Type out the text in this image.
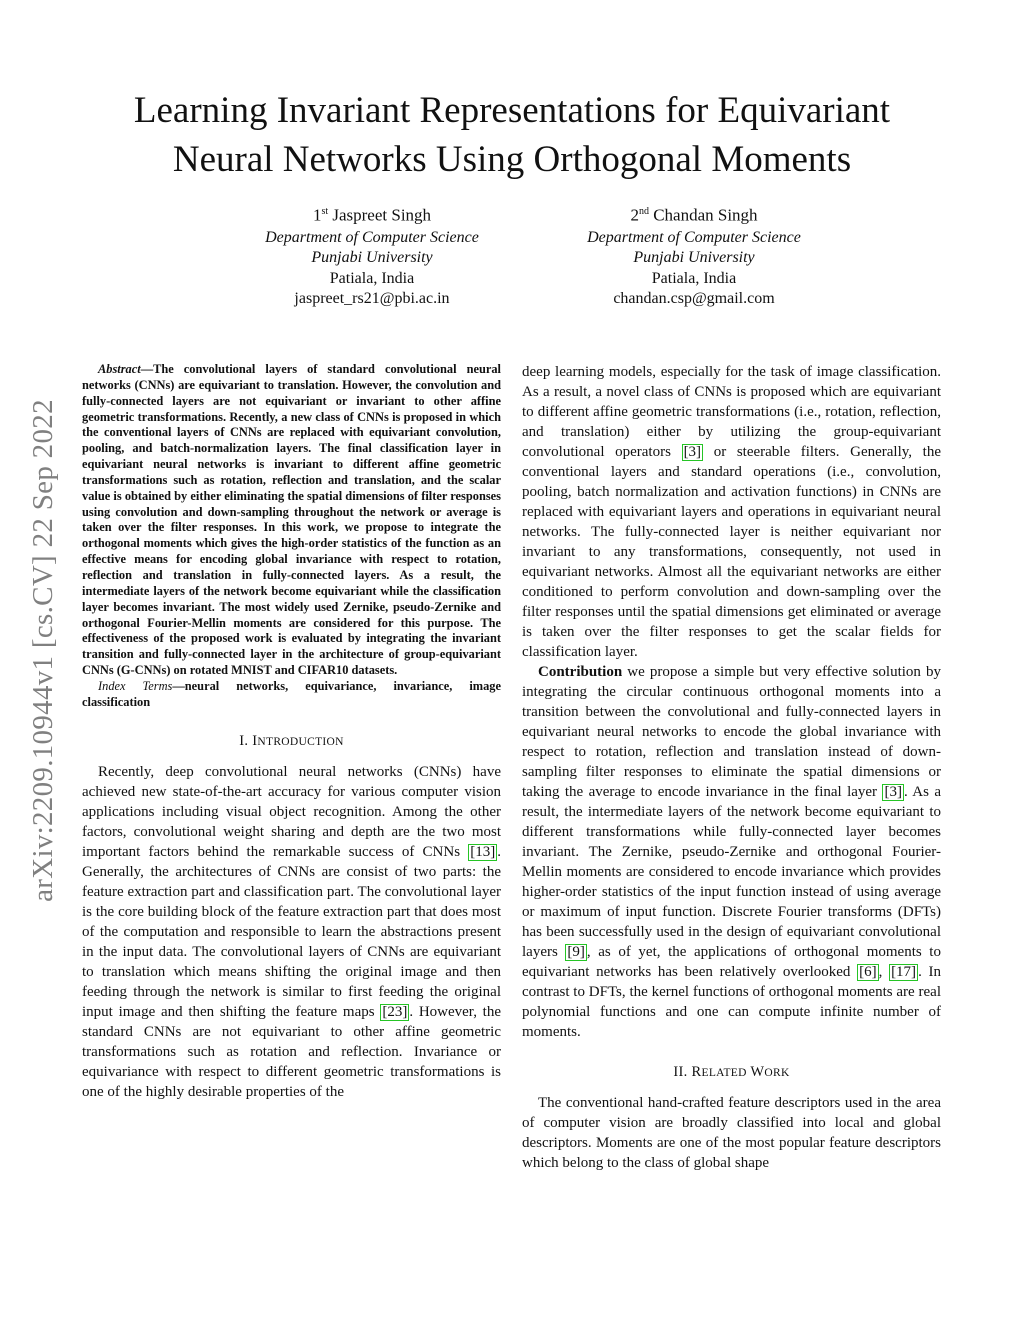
arXiv:2209.10944v1 [cs.CV] 22 Sep 2022
Learning Invariant Representations for Equivariant
Neural Networks Using Orthogonal Moments
1st Jaspreet Singh
Department of Computer Science
Punjabi University
Patiala, India
jaspreet_rs21@pbi.ac.in
2nd Chandan Singh
Department of Computer Science
Punjabi University
Patiala, India
chandan.csp@gmail.com

Abstract—The convolutional layers of standard convolutional neural networks (CNNs) are equivariant to translation. However, the convolution and fully-connected layers are not equivariant or invariant to other affine geometric transformations. Recently, a new class of CNNs is proposed in which the conventional layers of CNNs are replaced with equivariant convolution, pooling, and batch-normalization layers. The final classification layer in equivariant neural networks is invariant to different affine geometric transformations such as rotation, reflection and translation, and the scalar value is obtained by either eliminating the spatial dimensions of filter responses using convolution and down-sampling throughout the network or average is taken over the filter responses. In this work, we propose to integrate the orthogonal moments which gives the high-order statistics of the function as an effective means for encoding global invariance with respect to rotation, reflection and translation in fully-connected layers. As a result, the intermediate layers of the network become equivariant while the classification layer becomes invariant. The most widely used Zernike, pseudo-Zernike and orthogonal Fourier-Mellin moments are considered for this purpose. The effectiveness of the proposed work is evaluated by integrating the invariant transition and fully-connected layer in the architecture of group-equivariant CNNs (G-CNNs) on rotated MNIST and CIFAR10 datasets.

Index Terms—neural networks, equivariance, invariance, image classification

I. INTRODUCTION

Recently, deep convolutional neural networks (CNNs) have achieved new state-of-the-art accuracy for various computer vision applications including visual object recognition. Among the other factors, convolutional weight sharing and depth are the two most important factors behind the remarkable success of CNNs [13] . Generally, the architectures of CNNs are consist of two parts: the feature extraction part and classification part. The convolutional layer is the core building block of the feature extraction part that does most of the computation and responsible to learn the abstractions present in the input data. The convolutional layers of CNNs are equivariant to translation which means shifting the original image and then feeding through the network is similar to first feeding the original input image and then shifting the feature maps [23] . However, the standard CNNs are not equivariant to other affine geometric transformations such as rotation and reflection. Invariance or equivariance with respect to different geometric transformations is one of the highly desirable properties of the

deep learning models, especially for the task of image classification. As a result, a novel class of CNNs is proposed which are equivariant to different affine geometric transformations (i.e., rotation, reflection, and translation) either by utilizing the group-equivariant convolutional operators [3] or steerable filters. Generally, the conventional layers and standard operations (i.e., convolution, pooling, batch normalization and activation functions) in CNNs are replaced with equivariant layers and operations in equivariant neural networks. The fully-connected layer is neither equivariant nor invariant to any transformations, consequently, not used in equivariant networks. Almost all the equivariant networks are either conditioned to perform convolution and down-sampling over the filter responses until the spatial dimensions get eliminated or average is taken over the filter responses to get the scalar fields for classification layer.

Contribution we propose a simple but very effective solution by integrating the circular continuous orthogonal moments into a transition between the convolutional and fully-connected layers in equivariant neural networks to encode the global invariance with respect to rotation, reflection and translation instead of down-sampling filter responses to eliminate the spatial dimensions or taking the average to encode invariance in the final layer [3] . As a result, the intermediate layers of the network become equivariant to different transformations while fully-connected layer becomes invariant. The Zernike, pseudo-Zernike and orthogonal Fourier-Mellin moments are considered to encode invariance which provides higher-order statistics of the input function instead of using average or maximum of input function. Discrete Fourier transforms (DFTs) has been successfully used in the design of equivariant convolutional layers [9] , as of yet, the applications of orthogonal moments to equivariant networks has been relatively overlooked [6] , [17] . In contrast to DFTs, the kernel functions of orthogonal moments are real polynomial functions and one can compute infinite number of moments.

II. RELATED WORK

The conventional hand-crafted feature descriptors used in the area of computer vision are broadly classified into local and global descriptors. Moments are one of the most popular feature descriptors which belong to the class of global shape
